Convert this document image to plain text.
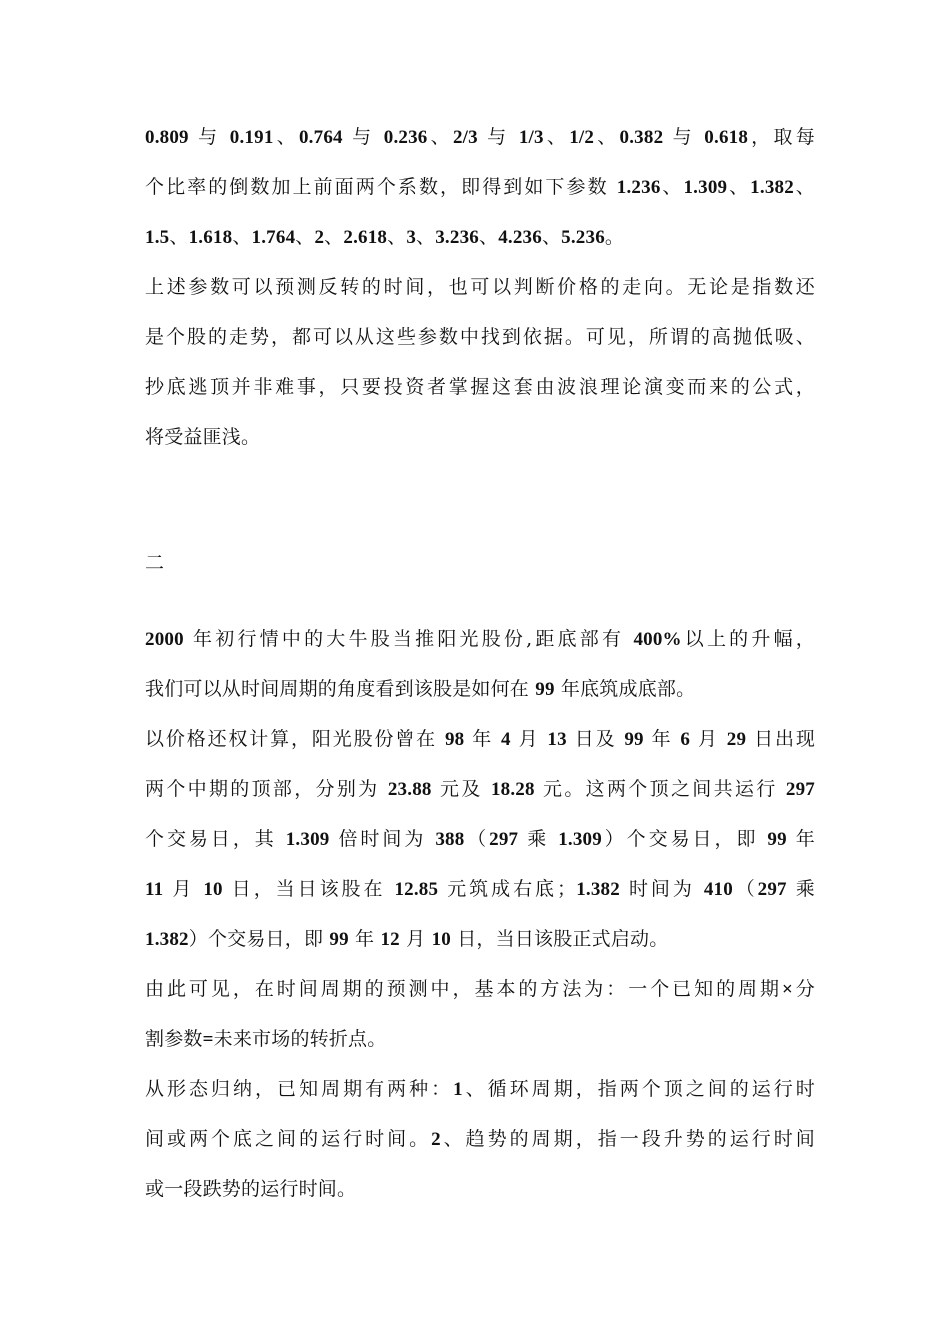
0.809 与 0.191、0.764 与 0.236、2/3 与 1/3、1/2、0.382 与 0.618，取每
个比率的倒数加上前面两个系数，即得到如下参数 1.236、1.309、1.382、
1.5、1.618、1.764、2、2.618、3、3.236、4.236、5.236。
上述参数可以预测反转的时间，也可以判断价格的走向。无论是指数还
是个股的走势，都可以从这些参数中找到依据。可见，所谓的高抛低吸、
抄底逃顶并非难事，只要投资者掌握这套由波浪理论演变而来的公式，
将受益匪浅。
二
2000 年初行情中的大牛股当推阳光股份,距底部有 400%以上的升幅，
我们可以从时间周期的角度看到该股是如何在 99 年底筑成底部。
以价格还权计算，阳光股份曾在 98 年 4 月 13 日及 99 年 6 月 29 日出现
两个中期的顶部，分别为 23.88 元及 18.28 元。这两个顶之间共运行 297
个交易日，其 1.309 倍时间为 388（297 乘 1.309）个交易日，即 99 年
11 月 10 日，当日该股在 12.85 元筑成右底；1.382 时间为 410（297 乘
1.382）个交易日，即 99 年 12 月 10 日，当日该股正式启动。
由此可见，在时间周期的预测中，基本的方法为：一个已知的周期×分
割参数=未来市场的转折点。
从形态归纳，已知周期有两种：1、循环周期，指两个顶之间的运行时
间或两个底之间的运行时间。2、趋势的周期，指一段升势的运行时间
或一段跌势的运行时间。
